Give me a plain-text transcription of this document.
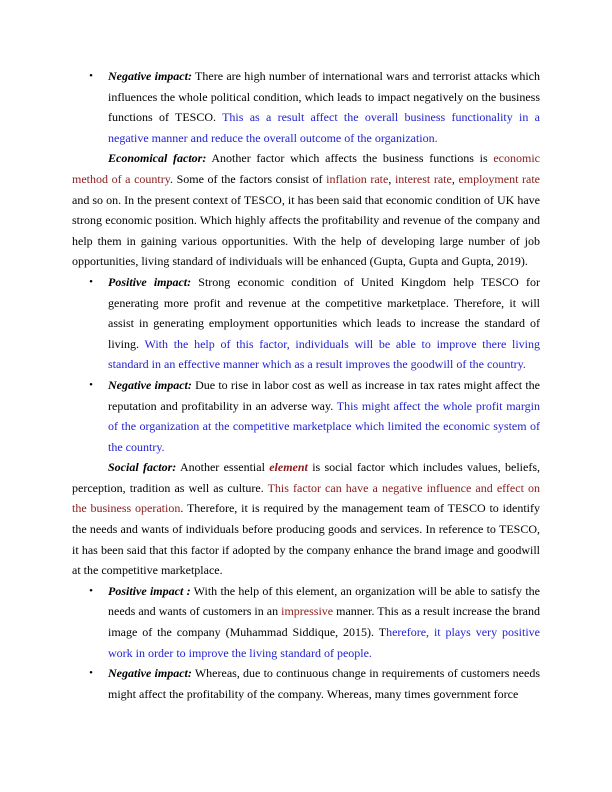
• Negative impact: There are high number of international wars and terrorist attacks which influences the whole political condition, which leads to impact negatively on the business functions of TESCO. This as a result affect the overall business functionality in a negative manner and reduce the overall outcome of the organization.

Economical factor: Another factor which affects the business functions is economic method of a country. Some of the factors consist of inflation rate, interest rate, employment rate and so on. In the present context of TESCO, it has been said that economic condition of UK have strong economic position. Which highly affects the profitability and revenue of the company and help them in gaining various opportunities. With the help of developing large number of job opportunities, living standard of individuals will be enhanced (Gupta, Gupta and Gupta, 2019).

• Positive impact: Strong economic condition of United Kingdom help TESCO for generating more profit and revenue at the competitive marketplace. Therefore, it will assist in generating employment opportunities which leads to increase the standard of living. With the help of this factor, individuals will be able to improve there living standard in an effective manner which as a result improves the goodwill of the country.

• Negative impact: Due to rise in labor cost as well as increase in tax rates might affect the reputation and profitability in an adverse way. This might affect the whole profit margin of the organization at the competitive marketplace which limited the economic system of the country.

Social factor: Another essential element is social factor which includes values, beliefs, perception, tradition as well as culture. This factor can have a negative influence and effect on the business operation. Therefore, it is required by the management team of TESCO to identify the needs and wants of individuals before producing goods and services. In reference to TESCO, it has been said that this factor if adopted by the company enhance the brand image and goodwill at the competitive marketplace.

• Positive impact : With the help of this element, an organization will be able to satisfy the needs and wants of customers in an impressive manner. This as a result increase the brand image of the company (Muhammad Siddique, 2015). Therefore, it plays very positive work in order to improve the living standard of people.

• Negative impact: Whereas, due to continuous change in requirements of customers needs might affect the profitability of the company. Whereas, many times government force
